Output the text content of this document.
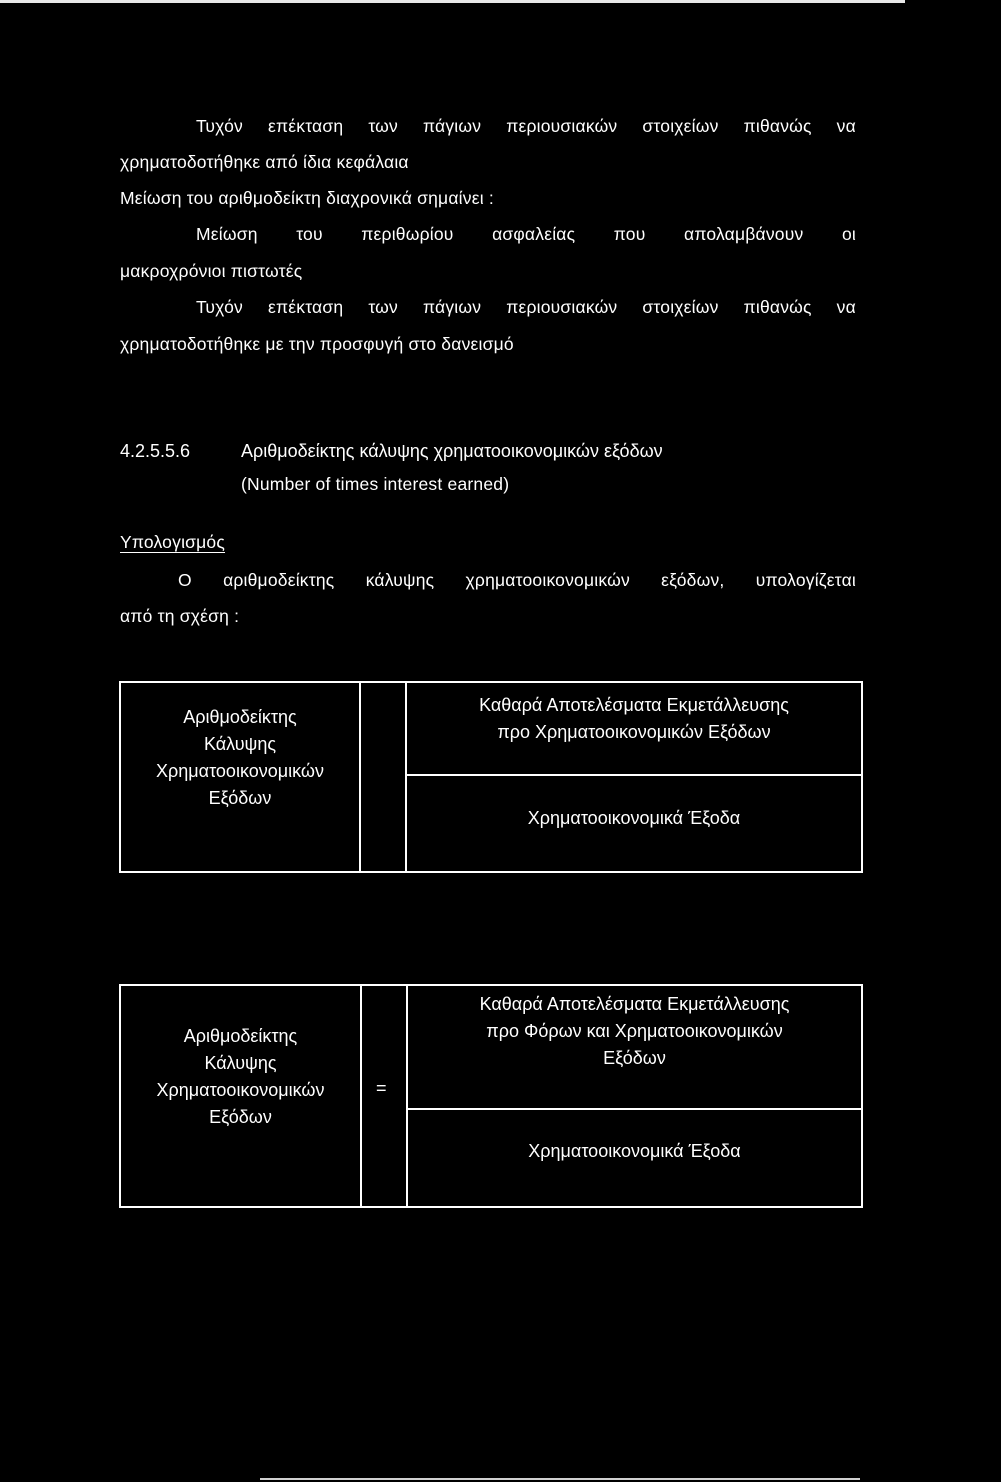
Τυχόν επέκταση των πάγιων περιουσιακών στοιχείων πιθανώς να
χρηματοδοτήθηκε από ίδια κεφάλαια
Μείωση του αριθμοδείκτη διαχρονικά σημαίνει :
Μείωση του περιθωρίου ασφαλείας που απολαμβάνουν οι
μακροχρόνιοι πιστωτές
Τυχόν επέκταση των πάγιων περιουσιακών στοιχείων πιθανώς να
χρηματοδοτήθηκε με την προσφυγή στο δανεισμό
4.2.5.5.6	Αριθμοδείκτης κάλυψης χρηματοοικονομικών εξόδων
(Number of times interest earned)
Υπολογισμός
Ο αριθμοδείκτης κάλυψης χρηματοοικονομικών εξόδων, υπολογίζεται
από τη σχέση :
Αριθμοδείκτης
Κάλυψης
Χρηματοοικονομικών
Εξόδων
Καθαρά Αποτελέσματα Εκμετάλλευσης
προ Χρηματοοικονομικών Εξόδων
Χρηματοοικονομικά Έξοδα
Αριθμοδείκτης
Κάλυψης
Χρηματοοικονομικών
Εξόδων
=
Καθαρά Αποτελέσματα Εκμετάλλευσης
προ Φόρων και Χρηματοοικονομικών
Εξόδων
Χρηματοοικονομικά Έξοδα
